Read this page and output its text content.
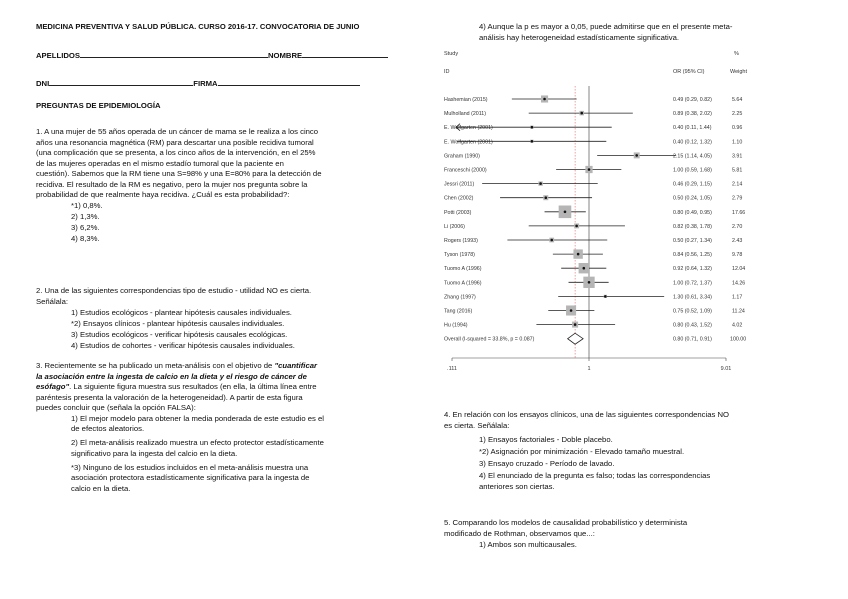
MEDICINA PREVENTIVA Y SALUD PÚBLICA. CURSO 2016-17. CONVOCATORIA DE JUNIO

APELLIDOS	NOMBRE
DNI	FIRMA

PREGUNTAS DE EPIDEMIOLOGÍA

1. A una mujer de 55 años operada de un cáncer de mama se le realiza a los cinco

años una resonancia magnética (RM) para descartar una posible recidiva tumoral

(una complicación que se presenta, a los cinco años de la intervención, en el 25%

de las mujeres operadas en el mismo estadío tumoral que la paciente en

cuestión). Sabemos que la RM tiene una S=98% y una E=80% para la detección de

recidiva. El resultado de la RM es negativo, pero la mujer nos pregunta sobre la

probabilidad de que realmente haya recidiva. ¿Cuál es esta probabilidad?:

*1) 0,8%.
2) 1,3%.
3) 6,2%.
4) 8,3%.

2. Una de las siguientes correspondencias tipo de estudio - utilidad NO es cierta.

Señálala:

1) Estudios ecológicos - plantear hipótesis causales individuales.
*2) Ensayos clínicos - plantear hipótesis causales individuales.
3) Estudios ecológicos - verificar hipótesis causales ecológicas.
4) Estudios de cohortes - verificar hipótesis causales individuales.

3. Recientemente se ha publicado un meta-análisis con el objetivo de "cuantificar

la asociación entre la ingesta de calcio en la dieta y el riesgo de cáncer de

esófago". La siguiente figura muestra sus resultados (en ella, la última línea entre

paréntesis presenta la valoración de la heterogeneidad). A partir de esta figura

puedes concluir que (señala la opción FALSA):

1) El mejor modelo para obtener la media ponderada de este estudio es el
de efectos aleatorios.
2) El meta-análisis realizado muestra un efecto protector estadísticamente
significativo para la ingesta del calcio en la dieta.
*3) Ninguno de los estudios incluidos en el meta-análisis muestra una
asociación protectora estadísticamente significativa para la ingesta de
calcio en la dieta.
4) Aunque la p es mayor a 0,05, puede admitirse que en el presente meta-
análisis hay heterogeneidad estadísticamente significativa.
Study
ID	OR (95% CI)
%
Weight
Hashemian (2015)	0.49 (0.29, 0.82)	5.64
Mulholland (2011)	0.89 (0.38, 2.02)	2.25
E. Wolfgarten (2001)	0.40 (0.11, 1.44)	0.96
E. Wolfgarten (2001)	0.40 (0.12, 1.32)	1.10
Graham (1990)	2.15 (1.14, 4.05)	3.91
Franceschi (2000)	1.00 (0.59, 1.68)	5.81
Jessri (2011)	0.46 (0.29, 1.15)	2.14
Chen (2002)	0.50 (0.24, 1.05)	2.79
Potti (2003)	0.80 (0.49, 0.95)	17.66
Li (2006)	0.82 (0.38, 1.78)	2.70
Rogers (1993)	0.50 (0.27, 1.34)	2.43
Tyson (1978)	0.84 (0.56, 1.25)	9.78
Tuomo A (1996)	0.92 (0.64, 1.32)	12.04
Tuomo A (1996)	1.00 (0.72, 1.37)	14.26
Zhang (1997)	1.30 (0.61, 3.34)	1.17
Tang (2016)	0.75 (0.52, 1.09)	11.24
Hu (1994)	0.80 (0.43, 1.52)	4.02
Overall (I-squared = 33.8%, p = 0.087)	0.80 (0.71, 0.91)	100.00
.111	1	9.01

4. En relación con los ensayos clínicos, una de las siguientes correspondencias NO

es cierta. Señálala:

1) Ensayos factoriales - Doble placebo.
*2) Asignación por minimización - Elevado tamaño muestral.
3) Ensayo cruzado - Período de lavado.
4) El enunciado de la pregunta es falso; todas las correspondencias
anteriores son ciertas.

5. Comparando los modelos de causalidad probabilístico y determinista

modificado de Rothman, observamos que...:

1) Ambos son multicausales.
